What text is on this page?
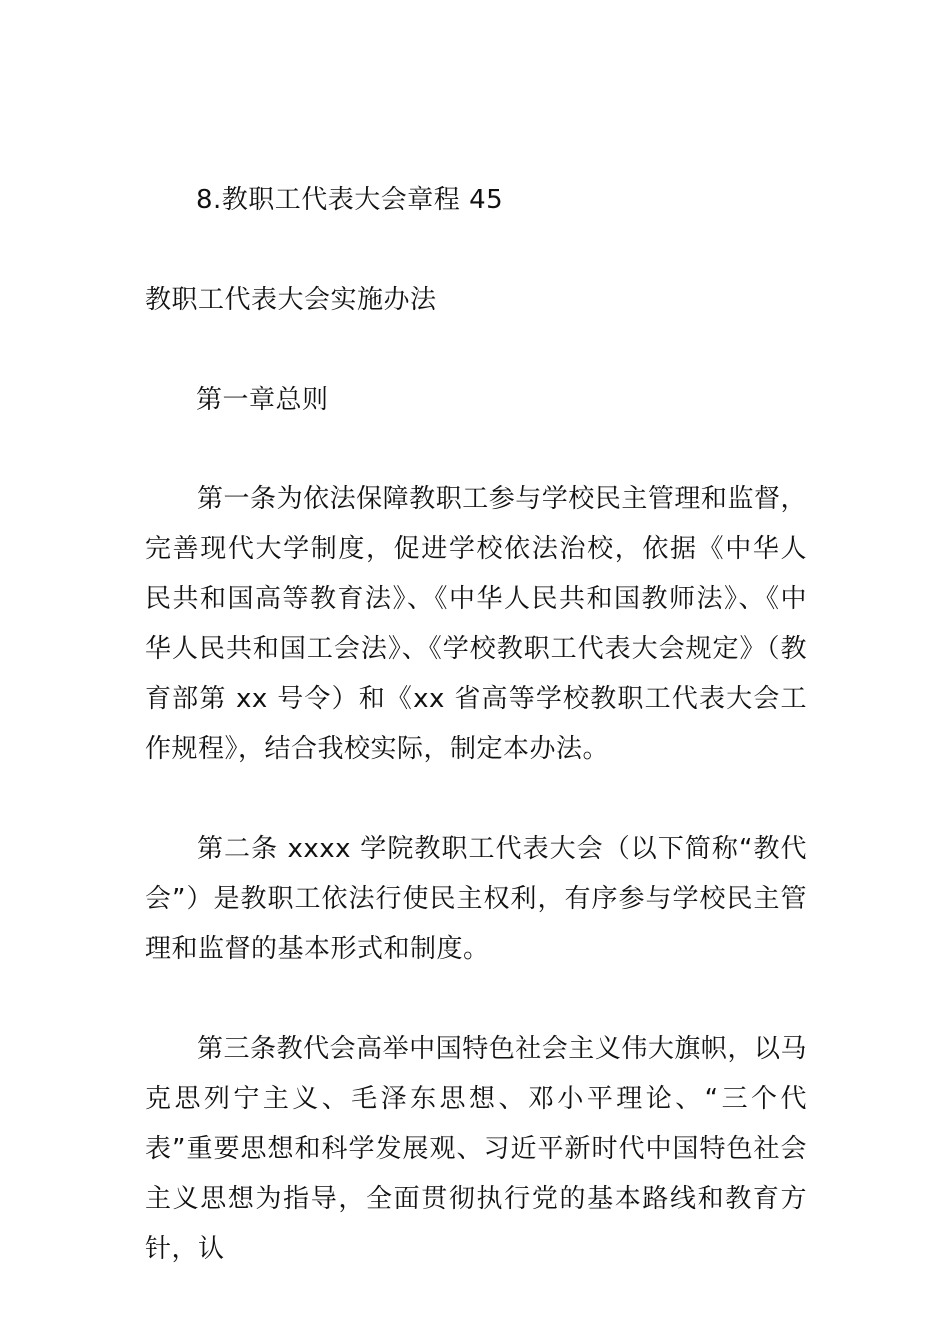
8.教职工代表大会章程 45
教职工代表大会实施办法
第一章总则
第一条为依法保障教职工参与学校民主管理和监督，完善现代大学制度，促进学校依法治校，依据《中华人民共和国高等教育法》、《中华人民共和国教师法》、《中华人民共和国工会法》、《学校教职工代表大会规定》（教育部第 xx 号令）和《xx 省高等学校教职工代表大会工作规程》，结合我校实际，制定本办法。
第二条 xxxx 学院教职工代表大会（以下简称“教代会”）是教职工依法行使民主权利，有序参与学校民主管理和监督的基本形式和制度。
第三条教代会高举中国特色社会主义伟大旗帜，以马克思列宁主义、毛泽东思想、邓小平理论、“三个代表”重要思想和科学发展观、习近平新时代中国特色社会主义思想为指导，全面贯彻执行党的基本路线和教育方针，认
